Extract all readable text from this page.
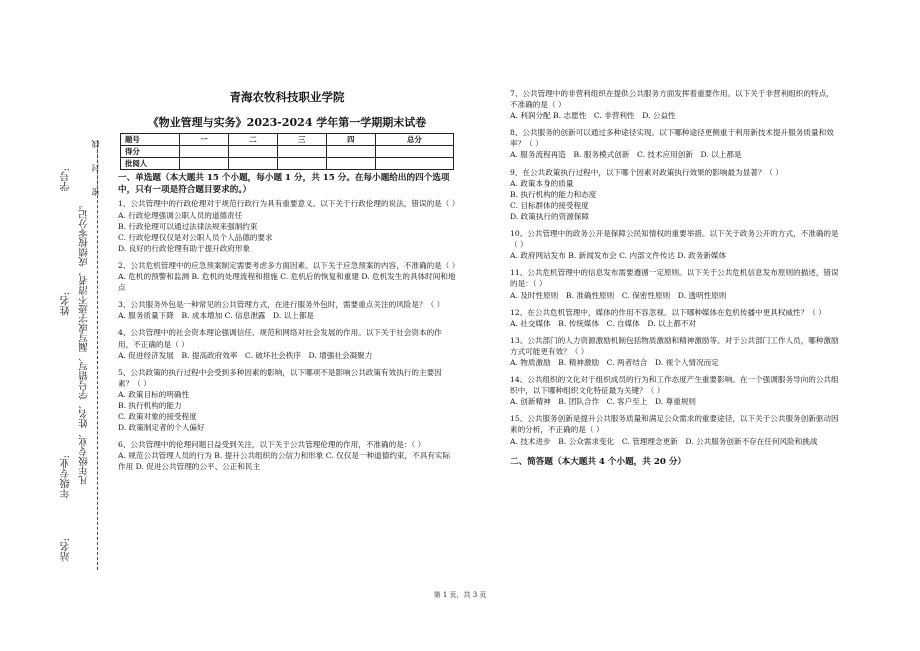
学号:
姓名:
年级专业:
站名:
凡年级专业、姓名、学号错写、漏写或字迹不清者，成绩按零分记。
密……封……线
青海农牧科技职业学院
《物业管理与实务》2023-2024 学年第一学期期末试卷
题号	一	二	三	四	总分
得分					
批阅人					
一、单选题（本大题共 15 个小题，每小题 1 分，共 15 分。在每小题给出的四个选项中，只有一项是符合题目要求的。）
1、公共管理中的行政伦理对于规范行政行为具有重要意义。以下关于行政伦理的说法，错误的是（ ）
A. 行政伦理强调公职人员的道德责任
B. 行政伦理可以通过法律法规来强制约束
C. 行政伦理仅仅是对公职人员个人品德的要求
D. 良好的行政伦理有助于提升政府形象
2、公共危机管理中的应急预案制定需要考虑多方面因素。以下关于应急预案的内容，不准确的是（ ）
A. 危机的预警和监测 B. 危机的处理流程和措施 C. 危机后的恢复和重建 D. 危机发生的具体时间和地点
3、公共服务外包是一种常见的公共管理方式，在进行服务外包时，需要重点关注的风险是？（ ）
A. 服务质量下降　B. 成本增加 C. 信息泄露　D. 以上都是
4、公共管理中的社会资本理论强调信任、规范和网络对社会发展的作用。以下关于社会资本的作用，不正确的是（ ）
A. 促进经济发展　B. 提高政府效率　C. 破坏社会秩序　D. 增强社会凝聚力
5、公共政策的执行过程中会受到多种因素的影响，以下哪项不是影响公共政策有效执行的主要因素？（ ）
A. 政策目标的明确性
B. 执行机构的能力
C. 政策对象的接受程度
D. 政策制定者的个人偏好
6、公共管理中的伦理问题日益受到关注，以下关于公共管理伦理的作用，不准确的是：（ ）
A. 规范公共管理人员的行为 B. 提升公共组织的公信力和形象 C. 仅仅是一种道德约束，不具有实际作用 D. 促进公共管理的公平、公正和民主
7、公共管理中的非营利组织在提供公共服务方面发挥着重要作用。以下关于非营利组织的特点，不准确的是（ ）
A. 利润分配 B. 志愿性　C. 非营利性　D. 公益性
8、公共服务的创新可以通过多种途径实现。以下哪种途径更侧重于利用新技术提升服务质量和效率？（ ）
A. 服务流程再造　B. 服务模式创新　C. 技术应用创新　D. 以上都是
9、在公共政策执行过程中，以下哪个因素对政策执行效果的影响最为显著？（ ）
A. 政策本身的质量
B. 执行机构的能力和态度
C. 目标群体的接受程度
D. 政策执行的资源保障
10、公共管理中的政务公开是保障公民知情权的重要举措。以下关于政务公开的方式，不准确的是（ ）
A. 政府网站发布 B. 新闻发布会 C. 内部文件传达 D. 政务新媒体
11、公共危机管理中的信息发布需要遵循一定原则。以下关于公共危机信息发布原则的描述，错误的是：（ ）
A. 及时性原则　B. 准确性原则　C. 保密性原则　D. 透明性原则
12、在公共危机管理中，媒体的作用不容忽视。以下哪种媒体在危机传播中更具权威性？（ ）
A. 社交媒体　B. 传统媒体　C. 自媒体　D. 以上都不对
13、公共部门的人力资源激励机制包括物质激励和精神激励等。对于公共部门工作人员，哪种激励方式可能更有效？（ ）
A. 物质激励　B. 精神激励　C. 两者结合　D. 视个人情况而定
14、公共组织的文化对于组织成员的行为和工作态度产生重要影响。在一个强调服务导向的公共组织中，以下哪种组织文化特征最为关键？（ ）
A. 创新精神　B. 团队合作　C. 客户至上　D. 尊重规则
15、公共服务创新是提升公共服务质量和满足公众需求的重要途径，以下关于公共服务创新驱动因素的分析，不正确的是（ ）
A. 技术进步　B. 公众需求变化　C. 管理理念更新　D. 公共服务创新不存在任何风险和挑战
二、简答题（本大题共 4 个小题，共 20 分）
第 1 页，共 3 页
